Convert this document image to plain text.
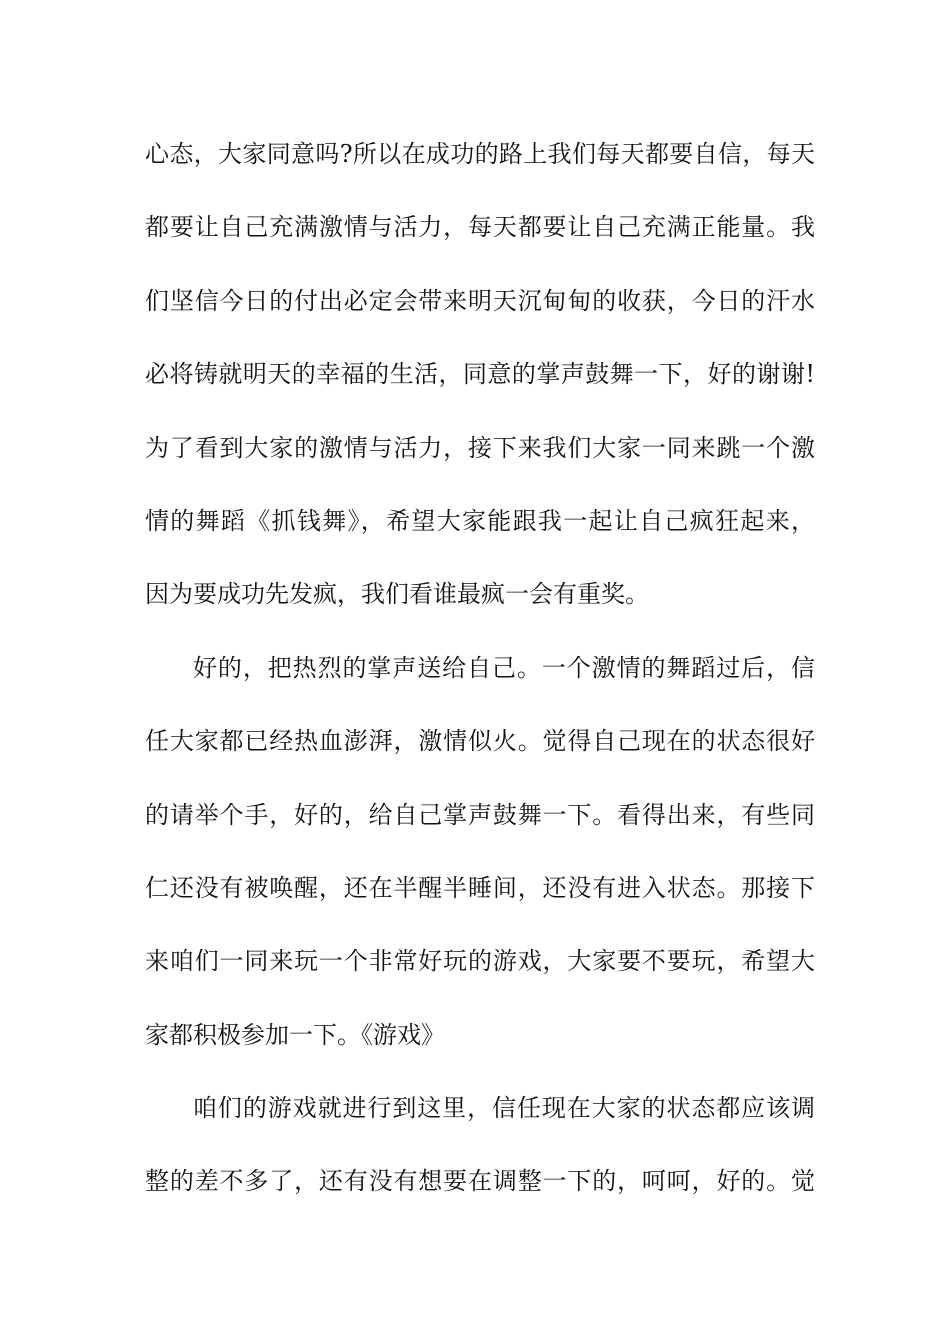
心态，大家同意吗?所以在成功的路上我们每天都要自信，每天
都要让自己充满激情与活力，每天都要让自己充满正能量。我
们坚信今日的付出必定会带来明天沉甸甸的收获，今日的汗水
必将铸就明天的幸福的生活，同意的掌声鼓舞一下，好的谢谢!
为了看到大家的激情与活力，接下来我们大家一同来跳一个激
情的舞蹈《抓钱舞》，希望大家能跟我一起让自己疯狂起来，
因为要成功先发疯，我们看谁最疯一会有重奖。
好的，把热烈的掌声送给自己。一个激情的舞蹈过后，信
任大家都已经热血澎湃，激情似火。觉得自己现在的状态很好
的请举个手，好的，给自己掌声鼓舞一下。看得出来，有些同
仁还没有被唤醒，还在半醒半睡间，还没有进入状态。那接下
来咱们一同来玩一个非常好玩的游戏，大家要不要玩，希望大
家都积极参加一下。《游戏》
咱们的游戏就进行到这里，信任现在大家的状态都应该调
整的差不多了，还有没有想要在调整一下的，呵呵，好的。觉
